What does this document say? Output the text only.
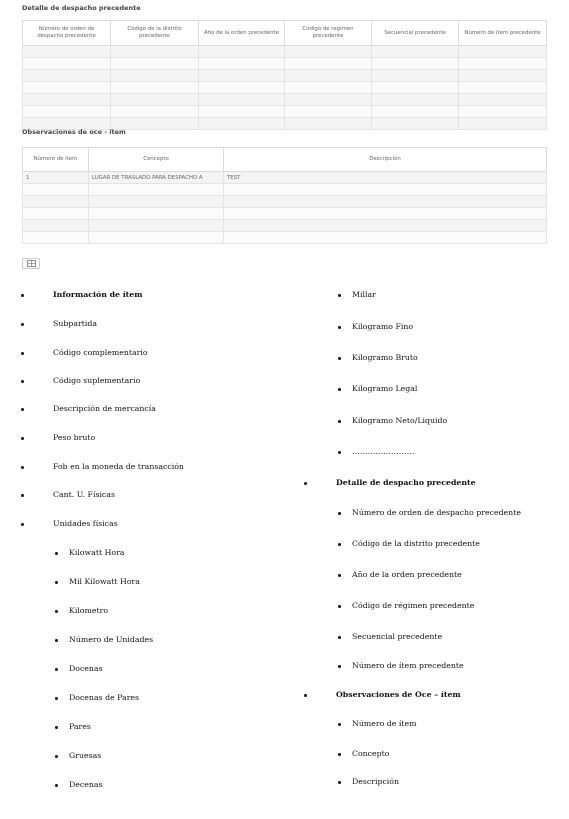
Detalle de despacho precedente
Número de orden de despacho precedente	Código de la distrito precedente	Año de la orden precedente	Código de regimen precedente	Secuencial precedente	Número de ítem precedente

Observaciones de oce - ítem
Número de ítem	Concepto	Descripción
1	LUGAR DE TRASLADO PARA DESPACHO A	TEST

Información de ítem
Subpartida
Código complementario
Código suplementario
Descripción de mercancía
Peso bruto
Fob en la moneda de transacción
Cant. U. Físicas
Unidades físicas
Kilowatt Hora
Mil Kilowatt Hora
Kilometro
Número de Unidades
Docenas
Docenas de Pares
Pares
Gruesas
Decenas
Millar
Kilogramo Fino
Kilogramo Bruto
Kilogramo Legal
Kilogramo Neto/Liquido
……………………
Detalle de despacho precedente
Número de orden de despacho precedente
Código de la distrito precedente
Año de la orden precedente
Código de régimen precedente
Secuencial precedente
Número de ítem precedente
Observaciones de Oce – ítem
Número de ítem
Concepto
Descripción
